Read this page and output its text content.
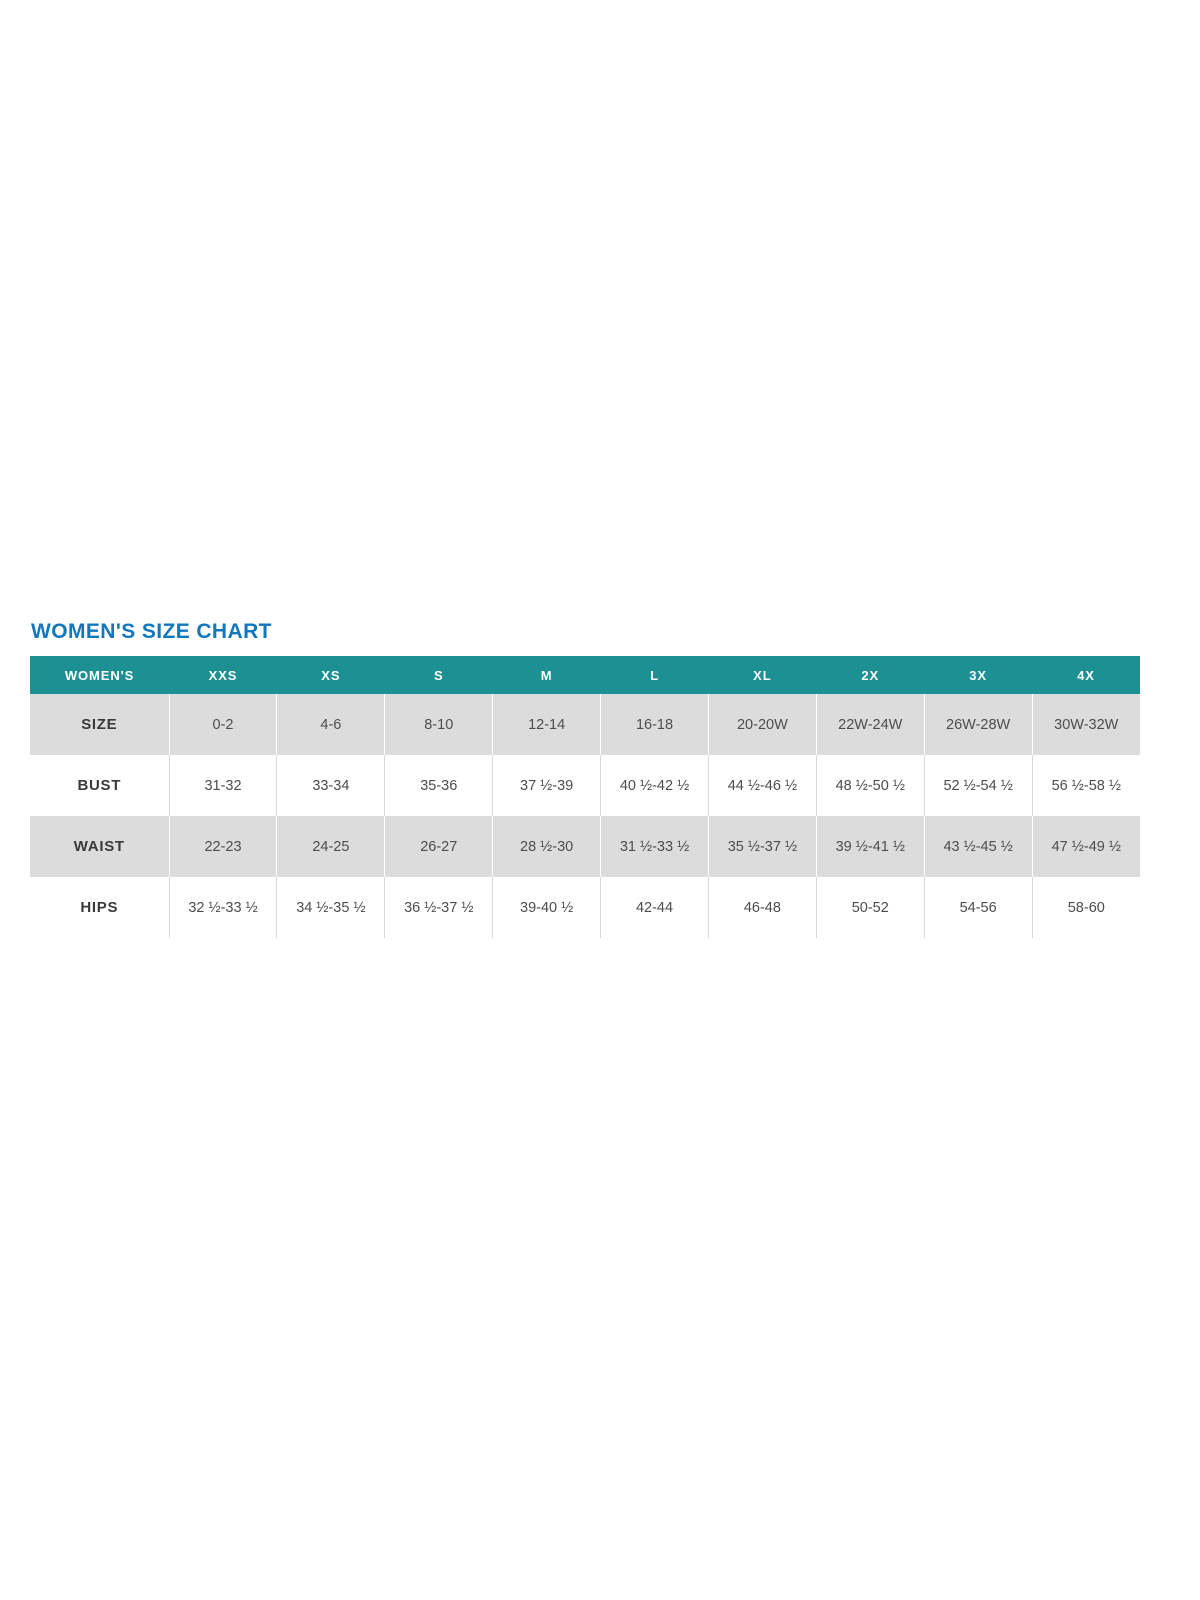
WOMEN'S SIZE CHART
WOMEN'S	XXS	XS	S	M	L	XL	2X	3X	4X
SIZE	0-2	4-6	8-10	12-14	16-18	20-20W	22W-24W	26W-28W	30W-32W
BUST	31-32	33-34	35-36	37 ½-39	40 ½-42 ½	44 ½-46 ½	48 ½-50 ½	52 ½-54 ½	56 ½-58 ½
WAIST	22-23	24-25	26-27	28 ½-30	31 ½-33 ½	35 ½-37 ½	39 ½-41 ½	43 ½-45 ½	47 ½-49 ½
HIPS	32 ½-33 ½	34 ½-35 ½	36 ½-37 ½	39-40 ½	42-44	46-48	50-52	54-56	58-60
